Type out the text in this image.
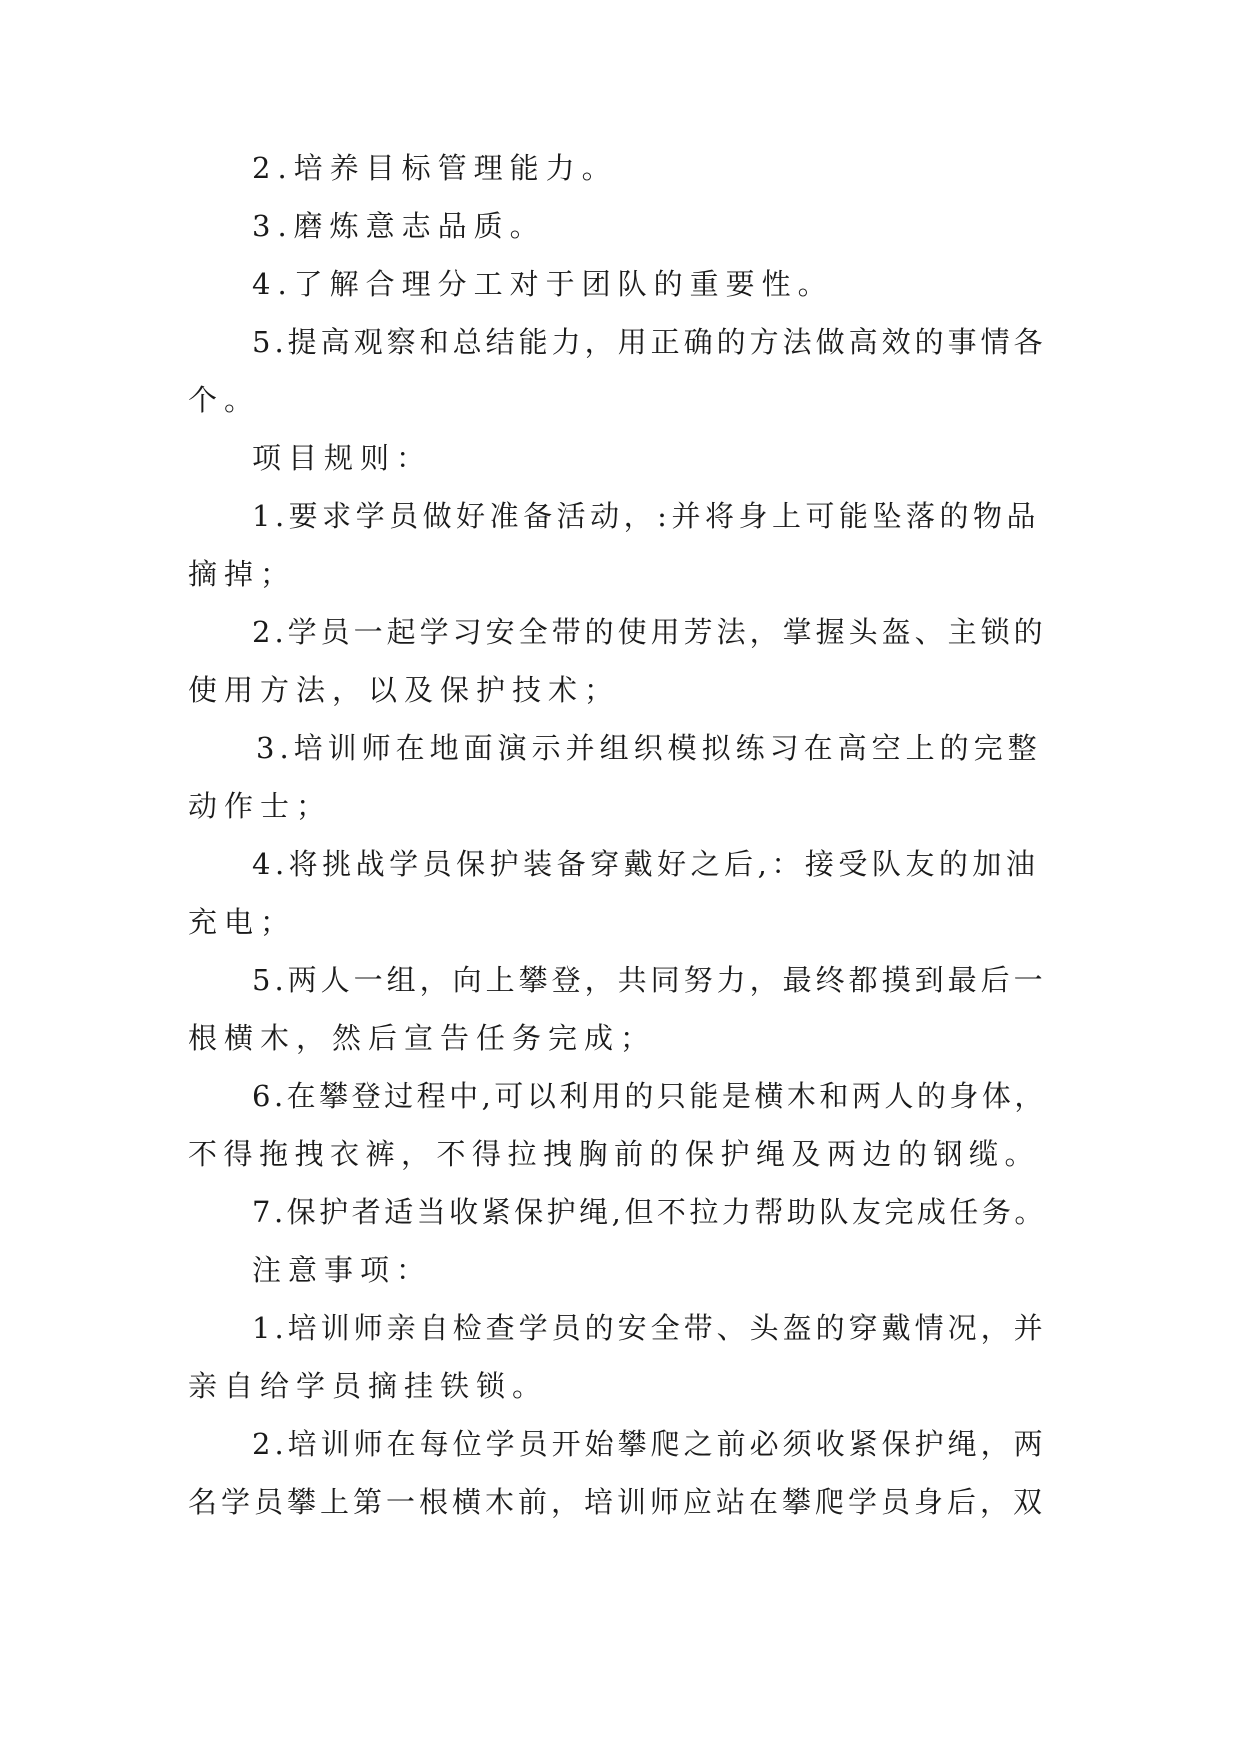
2.培养目标管理能力。
3.磨炼意志品质。
4.了解合理分工对于团队的重要性。
5.提高观察和总结能力，用正确的方法做高效的事情各
个。
项目规则：
1.要求学员做好准备活动，:并将身上可能坠落的物品
摘掉；
2.学员一起学习安全带的使用芳法，掌握头盔、主锁的
使用方法，以及保护技术；
3.培训师在地面演示并组织模拟练习在高空上的完整
动作士；
4.将挑战学员保护装备穿戴好之后,：接受队友的加油
充电；
5.两人一组，向上攀登，共同努力，最终都摸到最后一
根横木，然后宣告任务完成；
6.在攀登过程中,可以利用的只能是横木和两人的身体，
不得拖拽衣裤，不得拉拽胸前的保护绳及两边的钢缆。
7.保护者适当收紧保护绳,但不拉力帮助队友完成任务。
注意事项：
1.培训师亲自检查学员的安全带、头盔的穿戴情况，并
亲自给学员摘挂铁锁。
2.培训师在每位学员开始攀爬之前必须收紧保护绳，两
名学员攀上第一根横木前，培训师应站在攀爬学员身后，双
